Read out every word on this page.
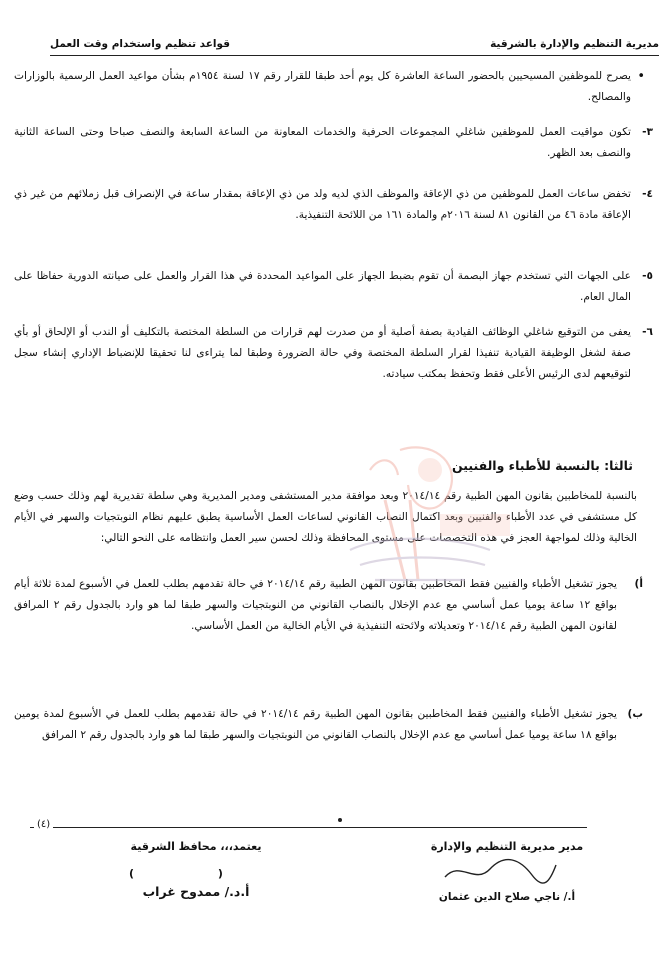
مديرية التنظيم والإدارة بالشرقية
قواعد تنظيم واستخدام وقت العمل
• يصرح للموظفين المسيحيين بالحضور الساعة العاشرة كل يوم أحد طبقا للقرار رقم ١٧ لسنة ١٩٥٤م بشأن مواعيد العمل الرسمية بالوزارات والمصالح.
٣-
تكون مواقيت العمل للموظفين شاغلي المجموعات الحرفية والخدمات المعاونة من الساعة السابعة والنصف صباحا وحتى الساعة الثانية والنصف بعد الظهر.
٤-
تخفض ساعات العمل للموظفين من ذي الإعاقة والموظف الذي لديه ولد من ذي الإعاقة بمقدار ساعة في الإنصراف قبل زملائهم من غير ذي الإعاقة مادة ٤٦ من القانون ٨١ لسنة ٢٠١٦م والمادة ١٦١ من اللائحة التنفيذية.
٥-
على الجهات التي تستخدم جهاز البصمة أن تقوم بضبط الجهاز على المواعيد المحددة في هذا القرار والعمل على صيانته الدورية حفاظا على المال العام.
٦-
يعفى من التوقيع شاغلي الوظائف القيادية بصفة أصلية أو من صدرت لهم قرارات من السلطة المختصة بالتكليف أو الندب أو الإلحاق أو بأي صفة لشغل الوظيفة القيادية تنفيذا لقرار السلطة المختصة وفي حالة الضرورة وطبقا لما يتراءى لنا تحقيقا للإنضباط الإداري إنشاء سجل لتوقيعهم لدى الرئيس الأعلى فقط وتحفظ بمكتب سيادته.
ثالثا: بالنسبة للأطباء والفنيين
بالنسبة للمخاطبين بقانون المهن الطبية رقم ٢٠١٤/١٤ وبعد موافقة مدير المستشفى ومدير المديرية وهي سلطة تقديرية لهم وذلك حسب وضع كل مستشفى في عدد الأطباء والفنيين وبعد اكتمال النصاب القانوني لساعات العمل الأساسية يطبق عليهم نظام النوبتجيات والسهر في الأيام الخالية وذلك لمواجهة العجز في هذه التخصصات على مستوى المحافظة وذلك لحسن سير العمل وانتظامه على النحو التالي:
أ)
يجوز تشغيل الأطباء والفنيين فقط المخاطبين بقانون المهن الطبية رقم ٢٠١٤/١٤ في حالة تقدمهم بطلب للعمل في الأسبوع لمدة ثلاثة أيام بواقع ١٢ ساعة يوميا عمل أساسي مع عدم الإخلال بالنصاب القانوني من النوبتجيات والسهر طبقا لما هو وارد بالجدول رقم ٢ المرافق لقانون المهن الطبية رقم ٢٠١٤/١٤ وتعديلاته ولائحته التنفيذية في الأيام الخالية من العمل الأساسي.
ب)
يجوز تشغيل الأطباء والفنيين فقط المخاطبين بقانون المهن الطبية رقم ٢٠١٤/١٤ في حالة تقدمهم بطلب للعمل في الأسبوع لمدة يومين بواقع ١٨ ساعة يوميا عمل أساسي مع عدم الإخلال بالنصاب القانوني من النوبتجيات والسهر طبقا لما هو وارد بالجدول رقم ٢ المرافق
(٤)
مدير مديرية التنظيم والإدارة
أ./ ناجي صلاح الدين عثمان
يعتمد،،، محافظ الشرقية
( )
أ.د./ ممدوح غراب
